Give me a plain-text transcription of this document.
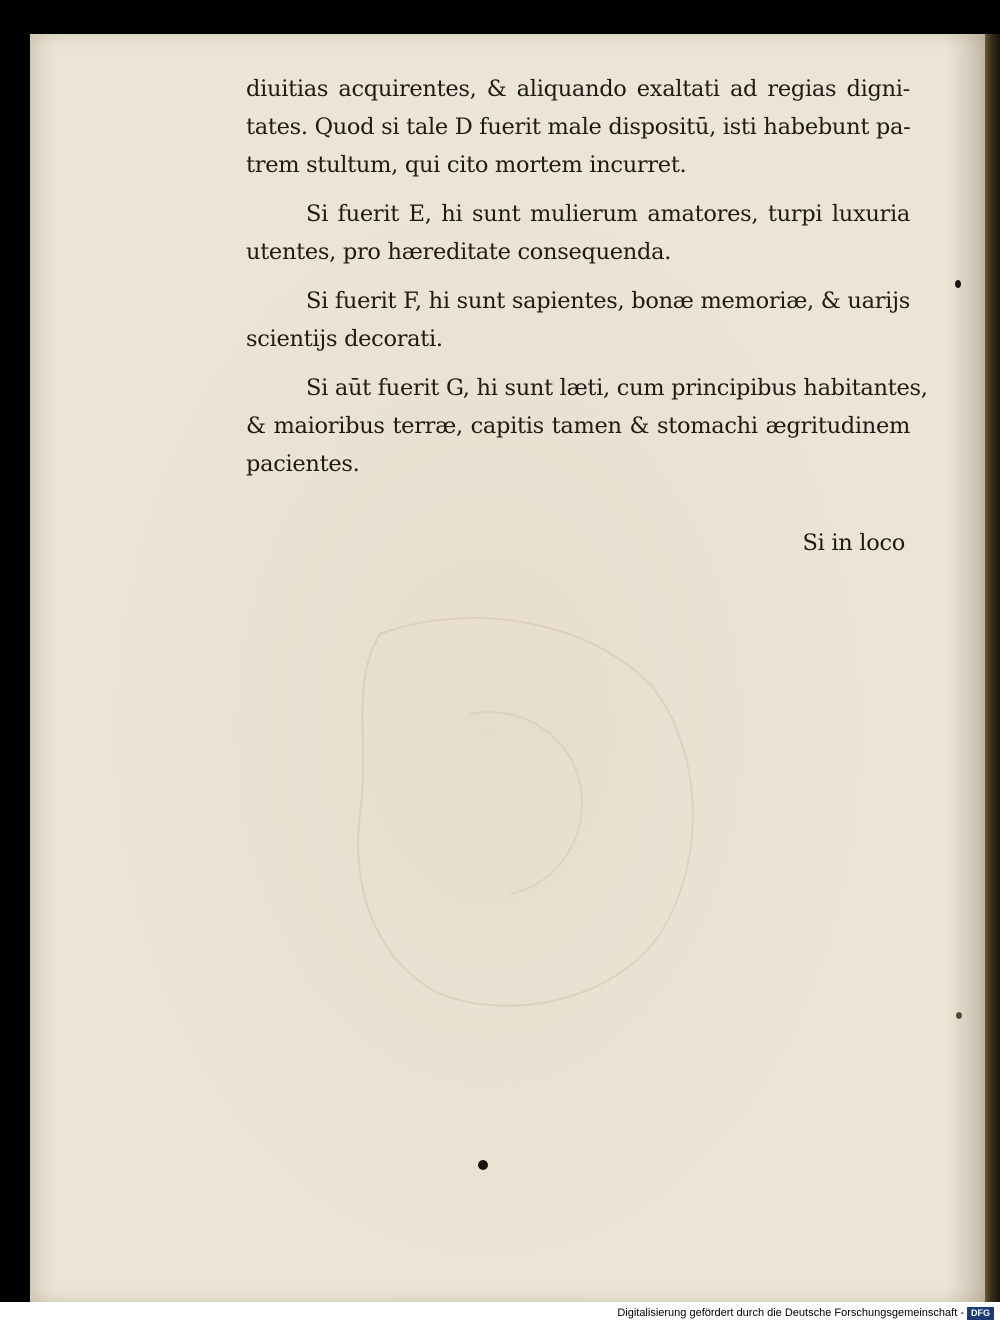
diuitias acquirentes, & aliquando exaltati ad regias digni-
tates. Quod si tale D fuerit male dispositū, isti habebunt pa-
trem stultum, qui cito mortem incurret.
Si fuerit E, hi sunt mulierum amatores, turpi luxuria
utentes, pro hæreditate consequenda.
Si fuerit F, hi sunt sapientes, bonæ memoriæ, & uarijs
scientijs decorati.
Si aūt fuerit G, hi sunt læti, cum principibus habitantes,
& maioribus terræ, capitis tamen & stomachi ægritudinem
pacientes.
Si in loco
Digitalisierung gefördert durch die Deutsche Forschungsgemeinschaft - DFG
